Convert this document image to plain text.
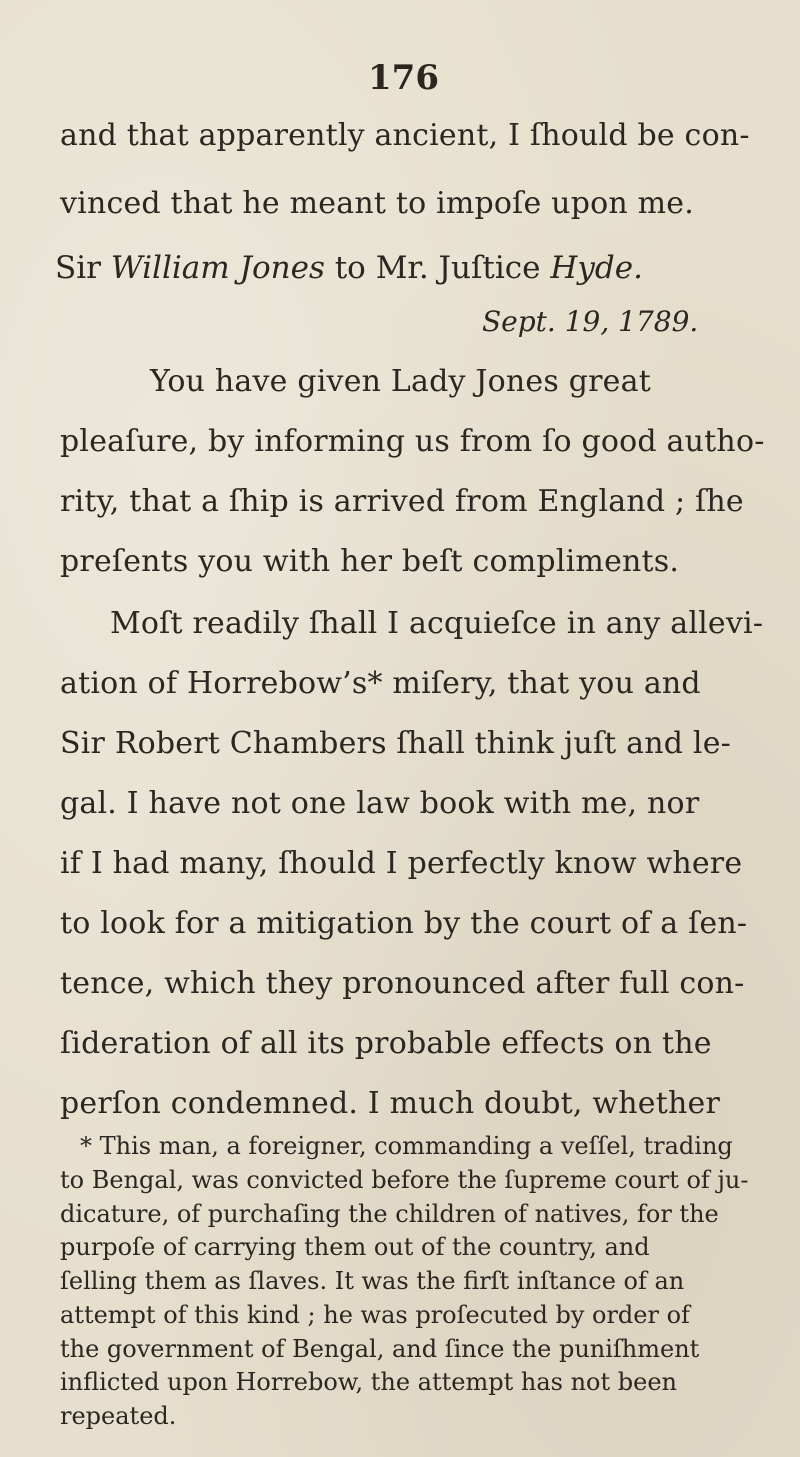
176
and that apparently ancient, I ſhould be con-
vinced that he meant to impoſe upon me.
Sir William Jones to Mr. Juſtice Hyde.
Sept. 19, 1789.
You have given Lady Jones great
pleaſure, by informing us from ſo good autho-
rity, that a ſhip is arrived from England ; ſhe
preſents you with her beſt compliments.
Moſt readily ſhall I acquieſce in any allevi-
ation of Horrebow’s* miſery, that you and
Sir Robert Chambers ſhall think juſt and le-
gal. I have not one law book with me, nor
if I had many, ſhould I perfectly know where
to look for a mitigation by the court of a ſen-
tence, which they pronounced after full con-
ſideration of all its probable effects on the
perſon condemned. I much doubt, whether
* This man, a foreigner, commanding a veſſel, trading
to Bengal, was convicted before the ſupreme court of ju-
dicature, of purchaſing the children of natives, for the
purpoſe of carrying them out of the country, and
ſelling them as ſlaves. It was the firſt inſtance of an
attempt of this kind ; he was proſecuted by order of
the government of Bengal, and ſince the puniſhment
inflicted upon Horrebow, the attempt has not been
repeated.
